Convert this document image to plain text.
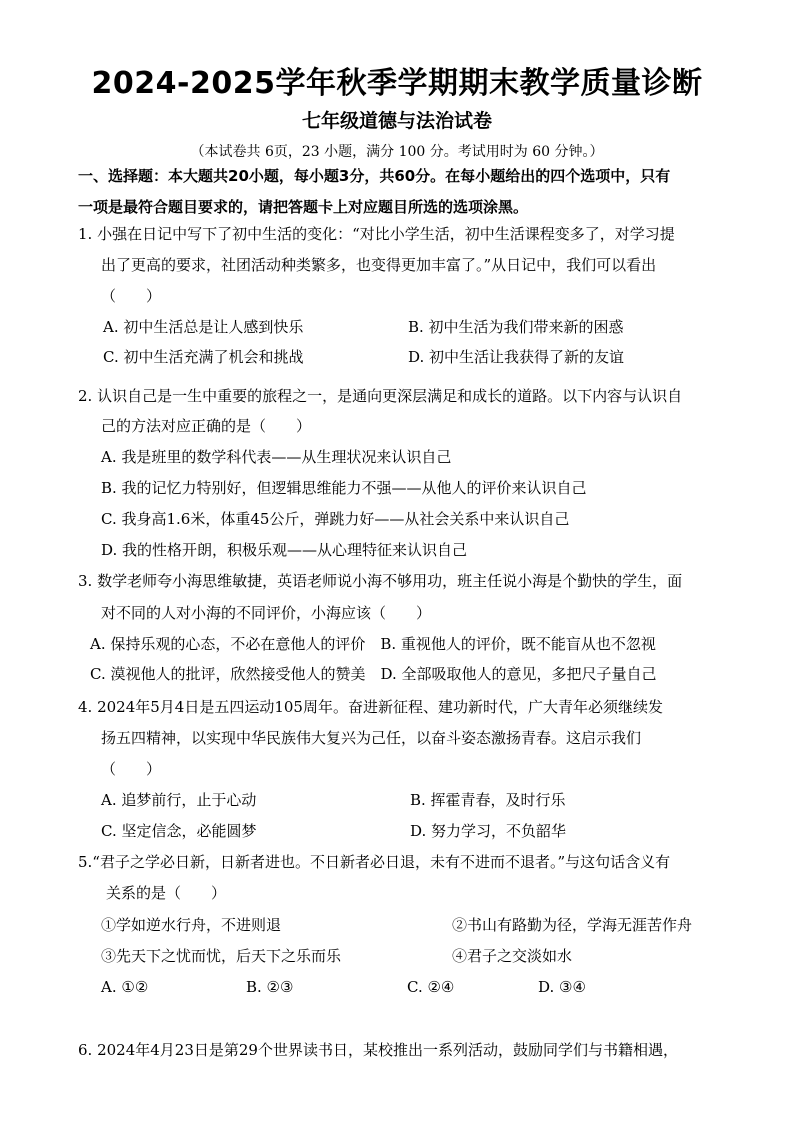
2024-2025学年秋季学期期末教学质量诊断
七年级道德与法治试卷
（本试卷共 6页，23 小题，满分 100 分。考试用时为 60 分钟。）
一、选择题：本大题共20小题，每小题3分，共60分。在每小题给出的四个选项中，只有
一项是最符合题目要求的，请把答题卡上对应题目所选的选项涂黑。
1. 小强在日记中写下了初中生活的变化：“对比小学生活，初中生活课程变多了，对学习提
出了更高的要求，社团活动种类繁多，也变得更加丰富了。”从日记中，我们可以看出
（　　）
A. 初中生活总是让人感到快乐	B. 初中生活为我们带来新的困惑
C. 初中生活充满了机会和挑战	D. 初中生活让我获得了新的友谊
2. 认识自己是一生中重要的旅程之一，是通向更深层满足和成长的道路。以下内容与认识自
己的方法对应正确的是（　　）
A. 我是班里的数学科代表——从生理状况来认识自己
B. 我的记忆力特别好，但逻辑思维能力不强——从他人的评价来认识自己
C. 我身高1.6米，体重45公斤，弹跳力好——从社会关系中来认识自己
D. 我的性格开朗，积极乐观——从心理特征来认识自己
3. 数学老师夸小海思维敏捷，英语老师说小海不够用功，班主任说小海是个勤快的学生，面
对不同的人对小海的不同评价，小海应该（　　）
A. 保持乐观的心态，不必在意他人的评价　B. 重视他人的评价，既不能盲从也不忽视
C. 漠视他人的批评，欣然接受他人的赞美　D. 全部吸取他人的意见，多把尺子量自己
4. 2024年5月4日是五四运动105周年。奋进新征程、建功新时代，广大青年必须继续发
扬五四精神，以实现中华民族伟大复兴为己任，以奋斗姿态激扬青春。这启示我们
（　　）
A. 追梦前行，止于心动	B. 挥霍青春，及时行乐
C. 坚定信念，必能圆梦	D. 努力学习，不负韶华
5.“君子之学必日新，日新者进也。不日新者必日退，未有不进而不退者。”与这句话含义有
关系的是（　　）
①学如逆水行舟，不进则退	②书山有路勤为径，学海无涯苦作舟
③先天下之忧而忧，后天下之乐而乐	④君子之交淡如水
A. ①②	B. ②③	C. ②④	D. ③④
6. 2024年4月23日是第29个世界读书日，某校推出一系列活动，鼓励同学们与书籍相遇，
